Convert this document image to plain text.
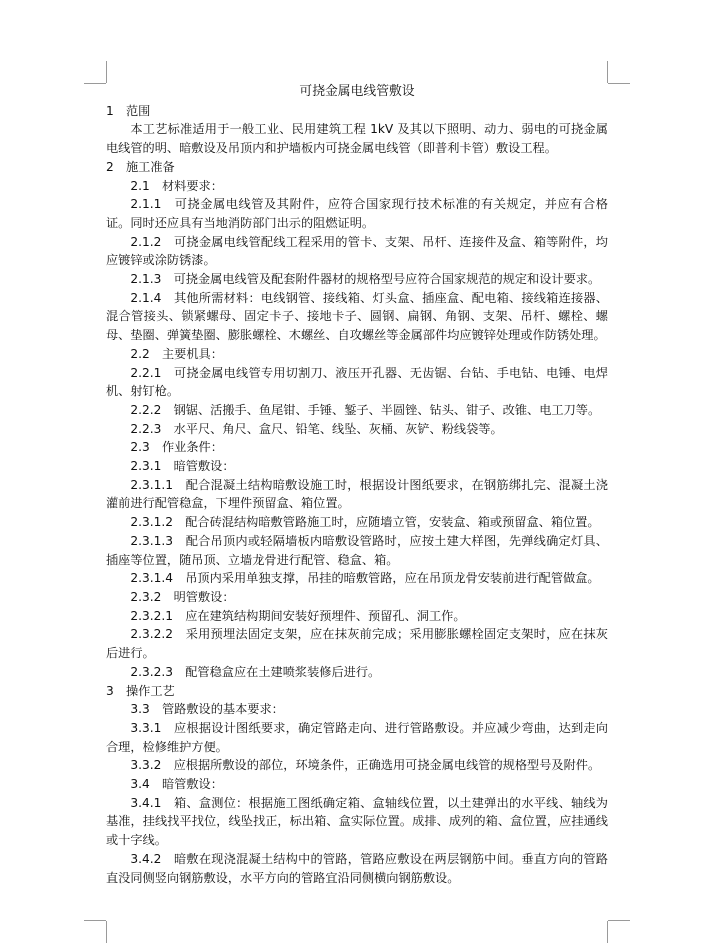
可挠金属电线管敷设
1　范围
本工艺标准适用于一般工业、民用建筑工程 1kV 及其以下照明、动力、弱电的可挠金属电线管的明、暗敷设及吊顶内和护墙板内可挠金属电线管（即普利卡管）敷设工程。
2　施工准备
2.1　材料要求：
2.1.1　可挠金属电线管及其附件，应符合国家现行技术标准的有关规定，并应有合格证。同时还应具有当地消防部门出示的阻燃证明。
2.1.2　可挠金属电线管配线工程采用的管卡、支架、吊杆、连接件及盒、箱等附件，均应镀锌或涂防锈漆。
2.1.3　可挠金属电线管及配套附件器材的规格型号应符合国家规范的规定和设计要求。
2.1.4　其他所需材料：电线钢管、接线箱、灯头盒、插座盒、配电箱、接线箱连接器、混合管接头、锁紧螺母、固定卡子、接地卡子、圆钢、扁钢、角钢、支架、吊杆、螺栓、螺母、垫圈、弹簧垫圈、膨胀螺栓、木螺丝、自攻螺丝等金属部件均应镀锌处理或作防锈处理。
2.2　主要机具：
2.2.1　可挠金属电线管专用切割刀、液压开孔器、无齿锯、台钻、手电钻、电锤、电焊机、射钉枪。
2.2.2　钢锯、活搬手、鱼尾钳、手锤、錾子、半圆锉、钻头、钳子、改锥、电工刀等。
2.2.3　水平尺、角尺、盒尺、铅笔、线坠、灰桶、灰铲、粉线袋等。
2.3　作业条件：
2.3.1　暗管敷设：
2.3.1.1　配合混凝土结构暗敷设施工时，根据设计图纸要求，在钢筋绑扎完、混凝土浇灌前进行配管稳盒，下埋件预留盒、箱位置。
2.3.1.2　配合砖混结构暗敷管路施工时，应随墙立管，安装盒、箱或预留盒、箱位置。
2.3.1.3　配合吊顶内或轻隔墙板内暗敷设管路时，应按土建大样图，先弹线确定灯具、插座等位置，随吊顶、立墙龙骨进行配管、稳盒、箱。
2.3.1.4　吊顶内采用单独支撑，吊挂的暗敷管路，应在吊顶龙骨安装前进行配管做盒。
2.3.2　明管敷设：
2.3.2.1　应在建筑结构期间安装好预埋件、预留孔、洞工作。
2.3.2.2　采用预埋法固定支架，应在抹灰前完成；采用膨胀螺栓固定支架时，应在抹灰后进行。
2.3.2.3　配管稳盒应在土建喷浆装修后进行。
3　操作工艺
3.3　管路敷设的基本要求：
3.3.1　应根据设计图纸要求，确定管路走向、进行管路敷设。并应减少弯曲，达到走向合理，检修维护方便。
3.3.2　应根据所敷设的部位，环境条件，正确选用可挠金属电线管的规格型号及附件。
3.4　暗管敷设：
3.4.1　箱、盒测位：根据施工图纸确定箱、盒轴线位置，以土建弹出的水平线、轴线为基准，挂线找平找位，线坠找正，标出箱、盒实际位置。成排、成列的箱、盒位置，应挂通线或十字线。
3.4.2　暗敷在现浇混凝土结构中的管路，管路应敷设在两层钢筋中间。垂直方向的管路直没同侧竖向钢筋敷设，水平方向的管路宜沿同侧横向钢筋敷设。
